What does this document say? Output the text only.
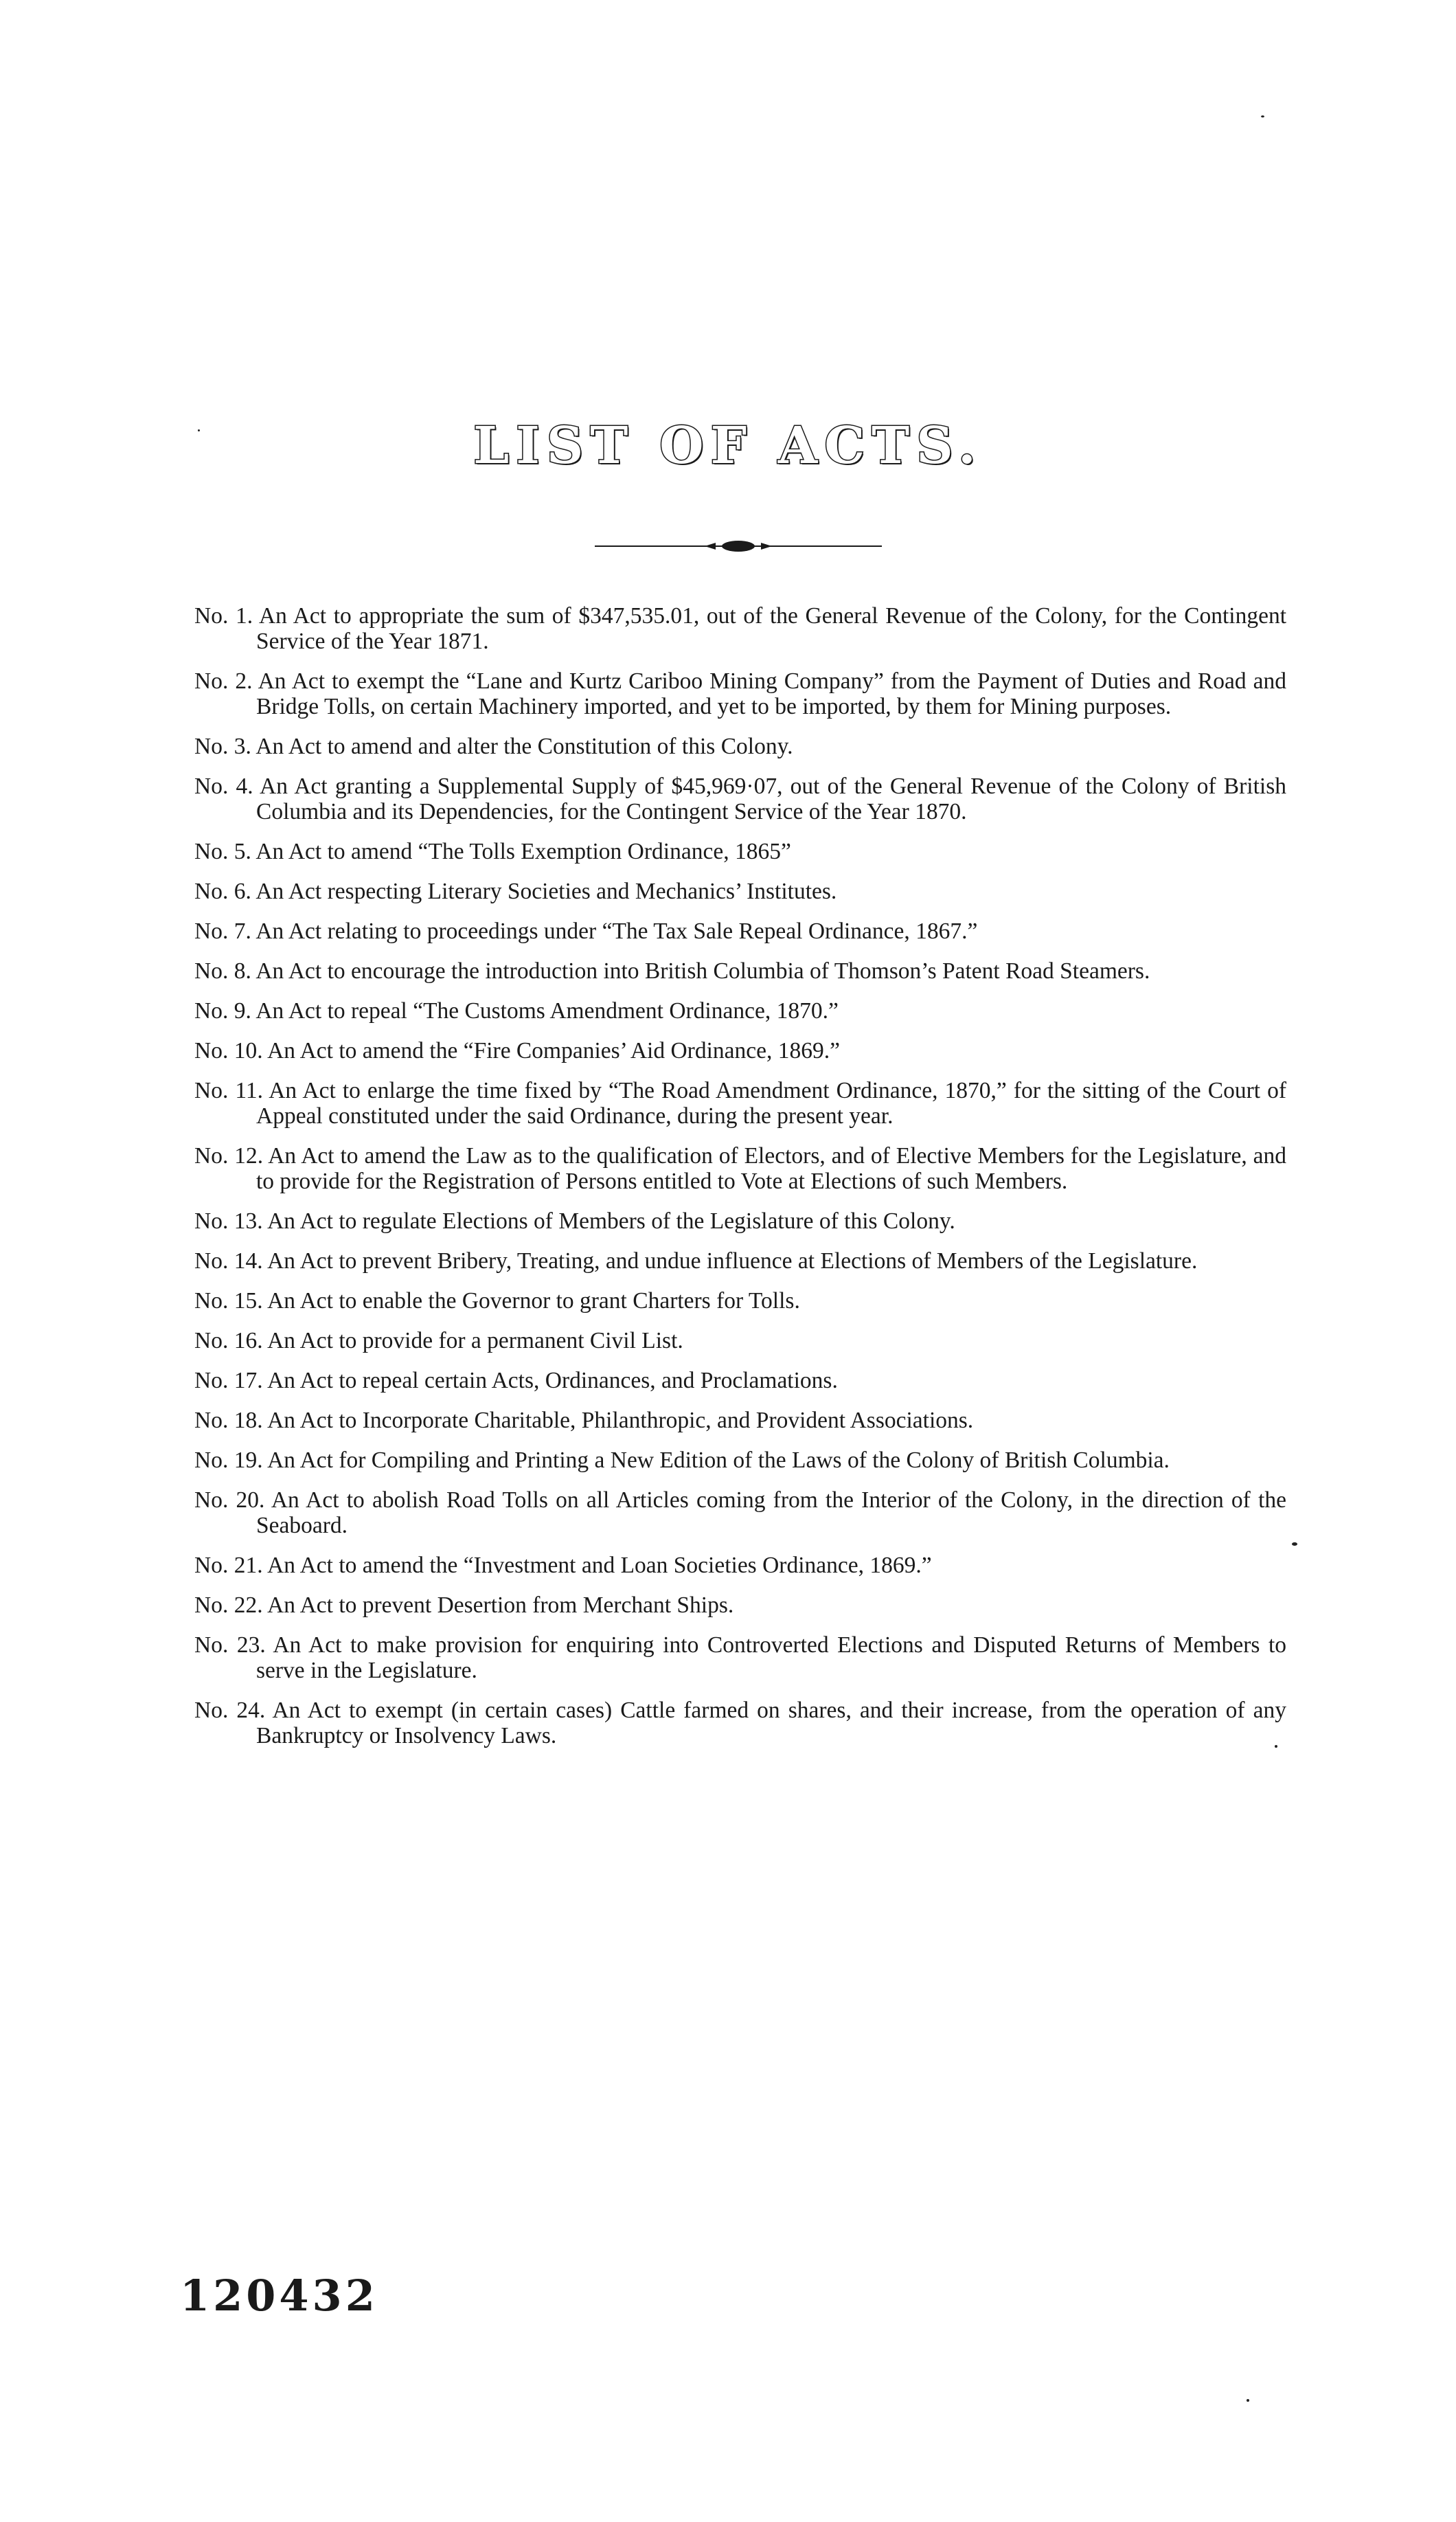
LIST OF ACTS.
No. 1. An Act to appropriate the sum of $347,535.01, out of the General Revenue of the Colony, for the Contingent Service of the Year 1871.
No. 2. An Act to exempt the “Lane and Kurtz Cariboo Mining Company” from the Payment of Duties and Road and Bridge Tolls, on certain Machinery imported, and yet to be imported, by them for Mining purposes.
No. 3. An Act to amend and alter the Constitution of this Colony.
No. 4. An Act granting a Supplemental Supply of $45,969·07, out of the General Revenue of the Colony of British Columbia and its Dependencies, for the Contingent Service of the Year 1870.
No. 5. An Act to amend “The Tolls Exemption Ordinance, 1865”
No. 6. An Act respecting Literary Societies and Mechanics’ Institutes.
No. 7. An Act relating to proceedings under “The Tax Sale Repeal Ordinance, 1867.”
No. 8. An Act to encourage the introduction into British Columbia of Thomson’s Patent Road Steamers.
No. 9. An Act to repeal “The Customs Amendment Ordinance, 1870.”
No. 10. An Act to amend the “Fire Companies’ Aid Ordinance, 1869.”
No. 11. An Act to enlarge the time fixed by “The Road Amendment Ordinance, 1870,” for the sitting of the Court of Appeal constituted under the said Ordinance, during the present year.
No. 12. An Act to amend the Law as to the qualification of Electors, and of Elective Members for the Legislature, and to provide for the Registration of Persons entitled to Vote at Elections of such Members.
No. 13. An Act to regulate Elections of Members of the Legislature of this Colony.
No. 14. An Act to prevent Bribery, Treating, and undue influence at Elections of Members of the Legislature.
No. 15. An Act to enable the Governor to grant Charters for Tolls.
No. 16. An Act to provide for a permanent Civil List.
No. 17. An Act to repeal certain Acts, Ordinances, and Proclamations.
No. 18. An Act to Incorporate Charitable, Philanthropic, and Provident Associations.
No. 19. An Act for Compiling and Printing a New Edition of the Laws of the Colony of British Columbia.
No. 20. An Act to abolish Road Tolls on all Articles coming from the Interior of the Colony, in the direction of the Seaboard.
No. 21. An Act to amend the “Investment and Loan Societies Ordinance, 1869.”
No. 22. An Act to prevent Desertion from Merchant Ships.
No. 23. An Act to make provision for enquiring into Controverted Elections and Disputed Returns of Members to serve in the Legislature.
No. 24. An Act to exempt (in certain cases) Cattle farmed on shares, and their increase, from the operation of any Bankruptcy or Insolvency Laws.
120432
